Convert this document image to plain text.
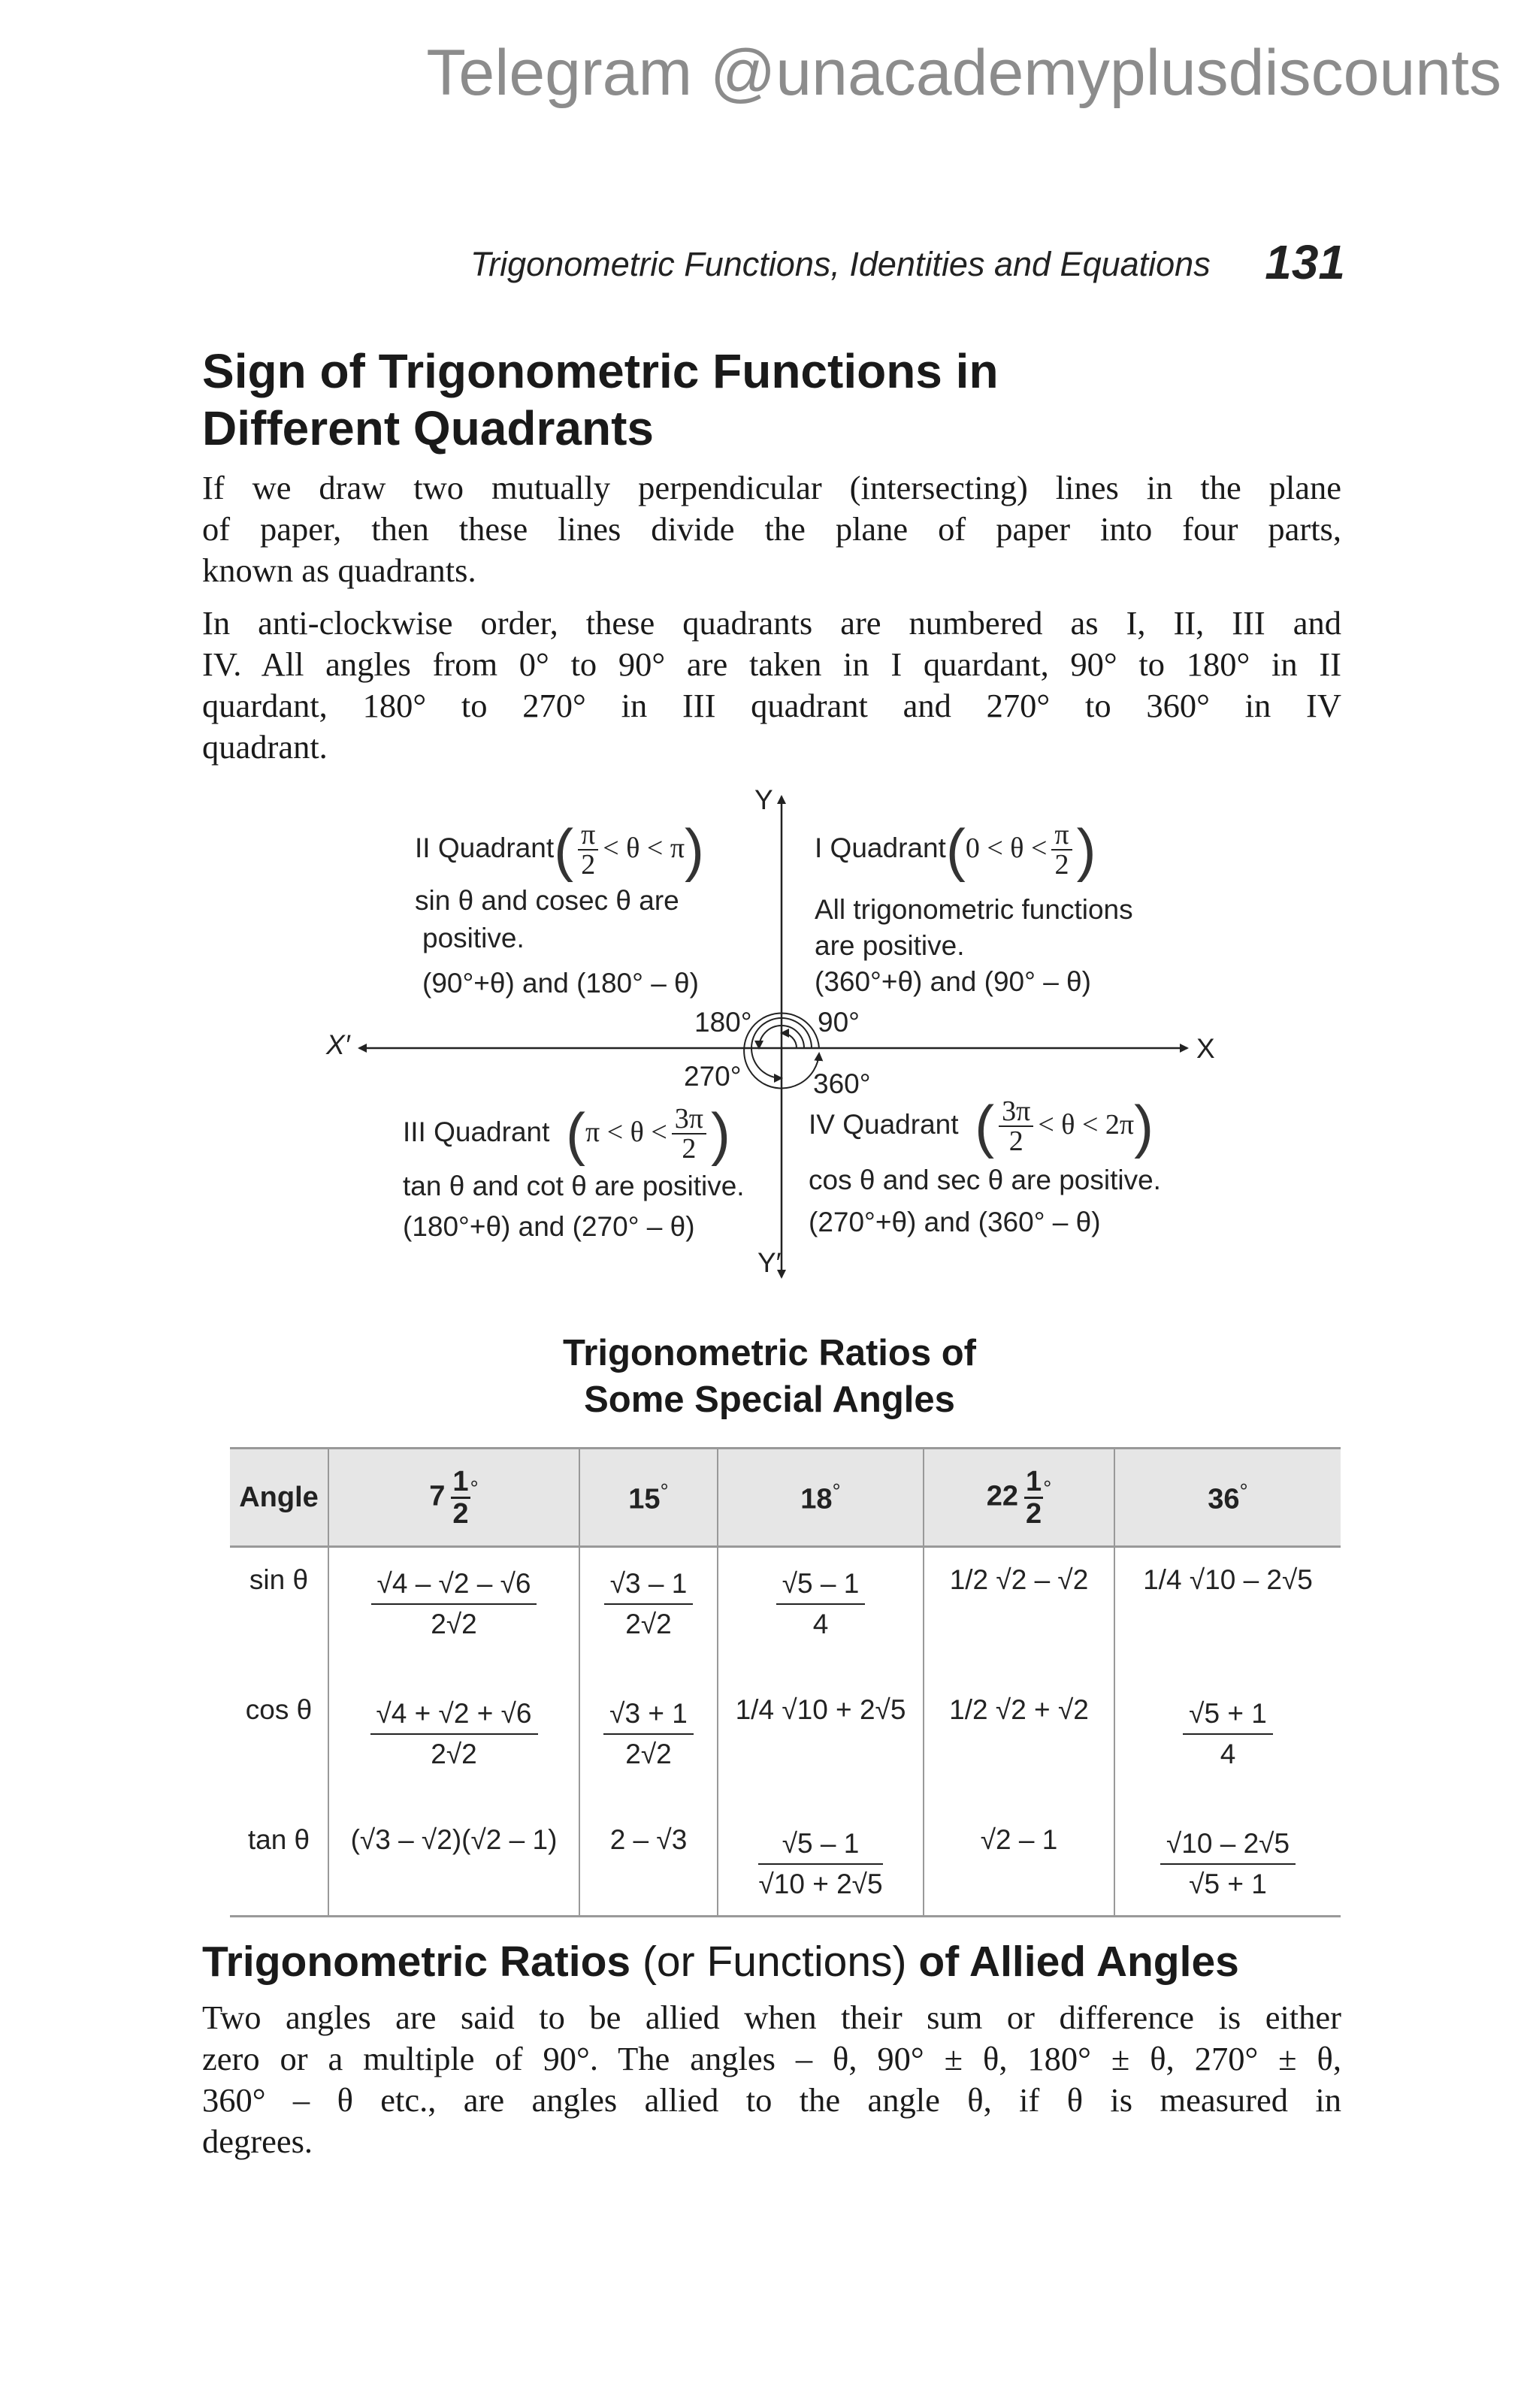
Telegram @unacademyplusdiscounts
Trigonometric Functions, Identities and Equations 131
Sign of Trigonometric Functions in
Different Quadrants
If we draw two mutually perpendicular (intersecting) lines in the plane
of paper, then these lines divide the plane of paper into four parts,
known as quadrants.
In anti-clockwise order, these quadrants are numbered as I, II, III and
IV. All angles from 0° to 90° are taken in I quardant, 90° to 180° in II
quardant, 180° to 270° in III quadrant and 270° to 360° in IV
quadrant.
Y
Y′
X
X′
90°
180°
270°	360°
II Quadrant( $\frac{\pi}{2} < \theta < \pi$)
sin θ and cosec θ are
positive.
(90°+θ) and (180° – θ)
I Quadrant(0 < $\theta < \frac{\pi}{2}$ )
All trigonometric functions
are positive.
(360°+θ) and (90° – θ)
III Quadrant ($\pi < \theta < \frac{3\pi}{2}$ )
tan θ and cot θ are positive.
(180°+θ) and (270° – θ)
IV Quadrant ( $\frac{3\pi}{2} < \theta < 2\pi$)
cos θ and sec θ are positive.
(270°+θ) and (360° – θ)
Trigonometric Ratios of
Some Special Angles
Angle	$7 \frac{1}{2} ^\circ$	15°	18°	$22 \frac{1}{2} ^\circ$	36°
sin θ	$\frac{√4 - √2 - √6}{2√2}$	$\frac{√3 - 1}{2√2}$	$\frac{√5 - 1}{4}$	1/2 √2 – √2	1/4 √10 – 2√5
cos θ	$\frac{√4 + √2 + √6}{2√2}$	$\frac{√3 + 1}{2√2}$	1/4 √10 + 2√5	1/2 √2 + √2	$\frac{√5 + 1}{4}$

tan θ	(√3 – √2)(√2 – 1)	2 – √3	$\frac{√5 - 1}{√10 + 2√5}$	√2 – 1	$\frac{√10 - 2√5}{√5 + 1}$
Trigonometric Ratios (or Functions) of Allied Angles
Two angles are said to be allied when their sum or difference is either
zero or a multiple of 90°. The angles – θ, 90° ± θ, 180° ± θ, 270° ± θ,
360° – θ etc., are angles allied to the angle θ, if θ is measured in
degrees.
